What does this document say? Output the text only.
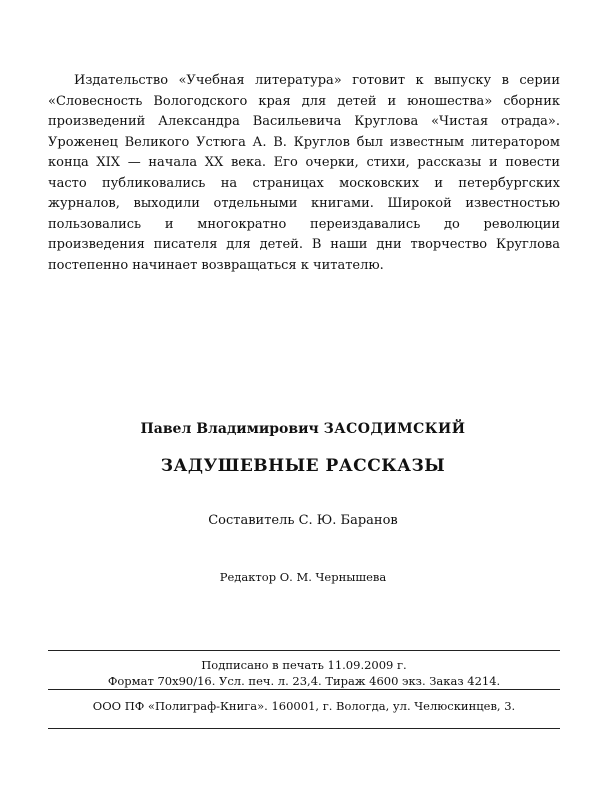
Издательство «Учебная литература» готовит к выпуску в серии «Словесность Вологодского края для детей и юношества» сборник произведений Александра Васильевича Круглова «Чистая отрада». Уроженец Великого Устюга А. В. Круглов был известным литератором конца XIX — начала XX века. Его очерки, стихи, рассказы и повести часто публиковались на страницах московских и петербургских журналов, выходили отдельными книгами. Широкой известностью пользовались и многократно переиздавались до революции произведения писателя для детей. В наши дни творчество Круглова постепенно начинает возвращаться к читателю.

Павел Владимирович ЗАСОДИМСКИЙ
ЗАДУШЕВНЫЕ РАССКАЗЫ
Составитель С. Ю. Баранов
Редактор О. М. Чернышева
Подписано в печать 11.09.2009 г.
Формат 70x90/16. Усл. печ. л. 23,4. Тираж 4600 экз. Заказ 4214.
ООО ПФ «Полиграф-Книга». 160001, г. Вологда, ул. Челюскинцев, 3.
